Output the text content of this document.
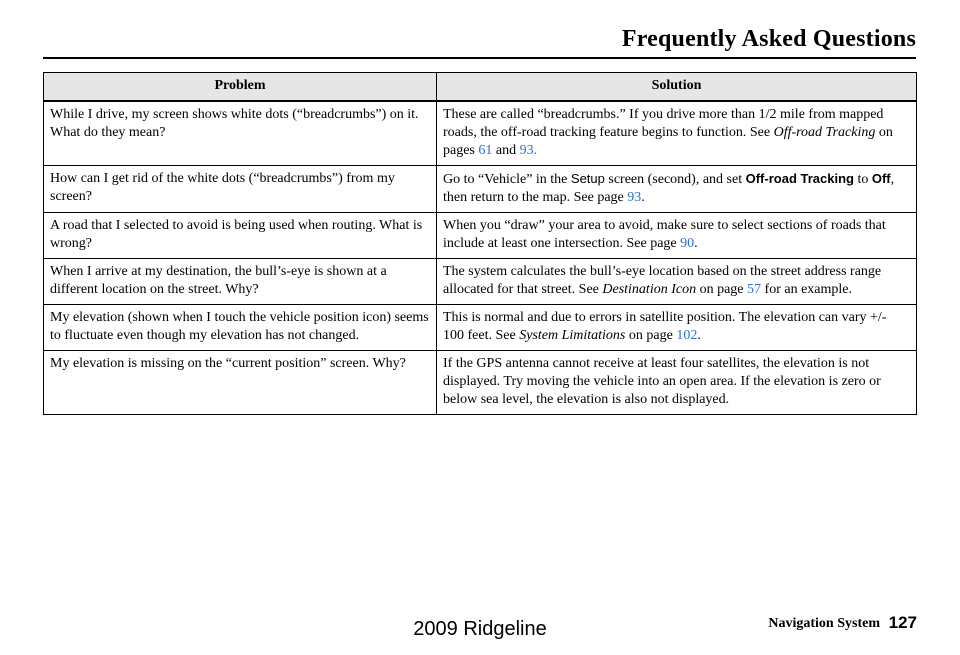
Frequently Asked Questions
Problem	Solution
While I drive, my screen shows white dots (“breadcrumbs”) on it. What do they mean?	These are called “breadcrumbs.” If you drive more than 1/2 mile from mapped roads, the off-road tracking feature begins to function. See Off-road Tracking on pages 61 and 93.
How can I get rid of the white dots (“breadcrumbs”) from my screen?	Go to “Vehicle” in the Setup screen (second), and set Off-road Tracking to Off, then return to the map. See page 93.
A road that I selected to avoid is being used when routing. What is wrong?	When you “draw” your area to avoid, make sure to select sections of roads that include at least one intersection. See page 90.
When I arrive at my destination, the bull’s-eye is shown at a different location on the street. Why?	The system calculates the bull’s-eye location based on the street address range allocated for that street. See Destination Icon on page 57 for an example.
My elevation (shown when I touch the vehicle position icon) seems to fluctuate even though my elevation has not changed.	This is normal and due to errors in satellite position. The elevation can vary +/- 100 feet. See System Limitations on page 102.
My elevation is missing on the “current position” screen. Why?	If the GPS antenna cannot receive at least four satellites, the elevation is not displayed. Try moving the vehicle into an open area. If the elevation is zero or below sea level, the elevation is also not displayed.
Navigation System 127
2009 Ridgeline
